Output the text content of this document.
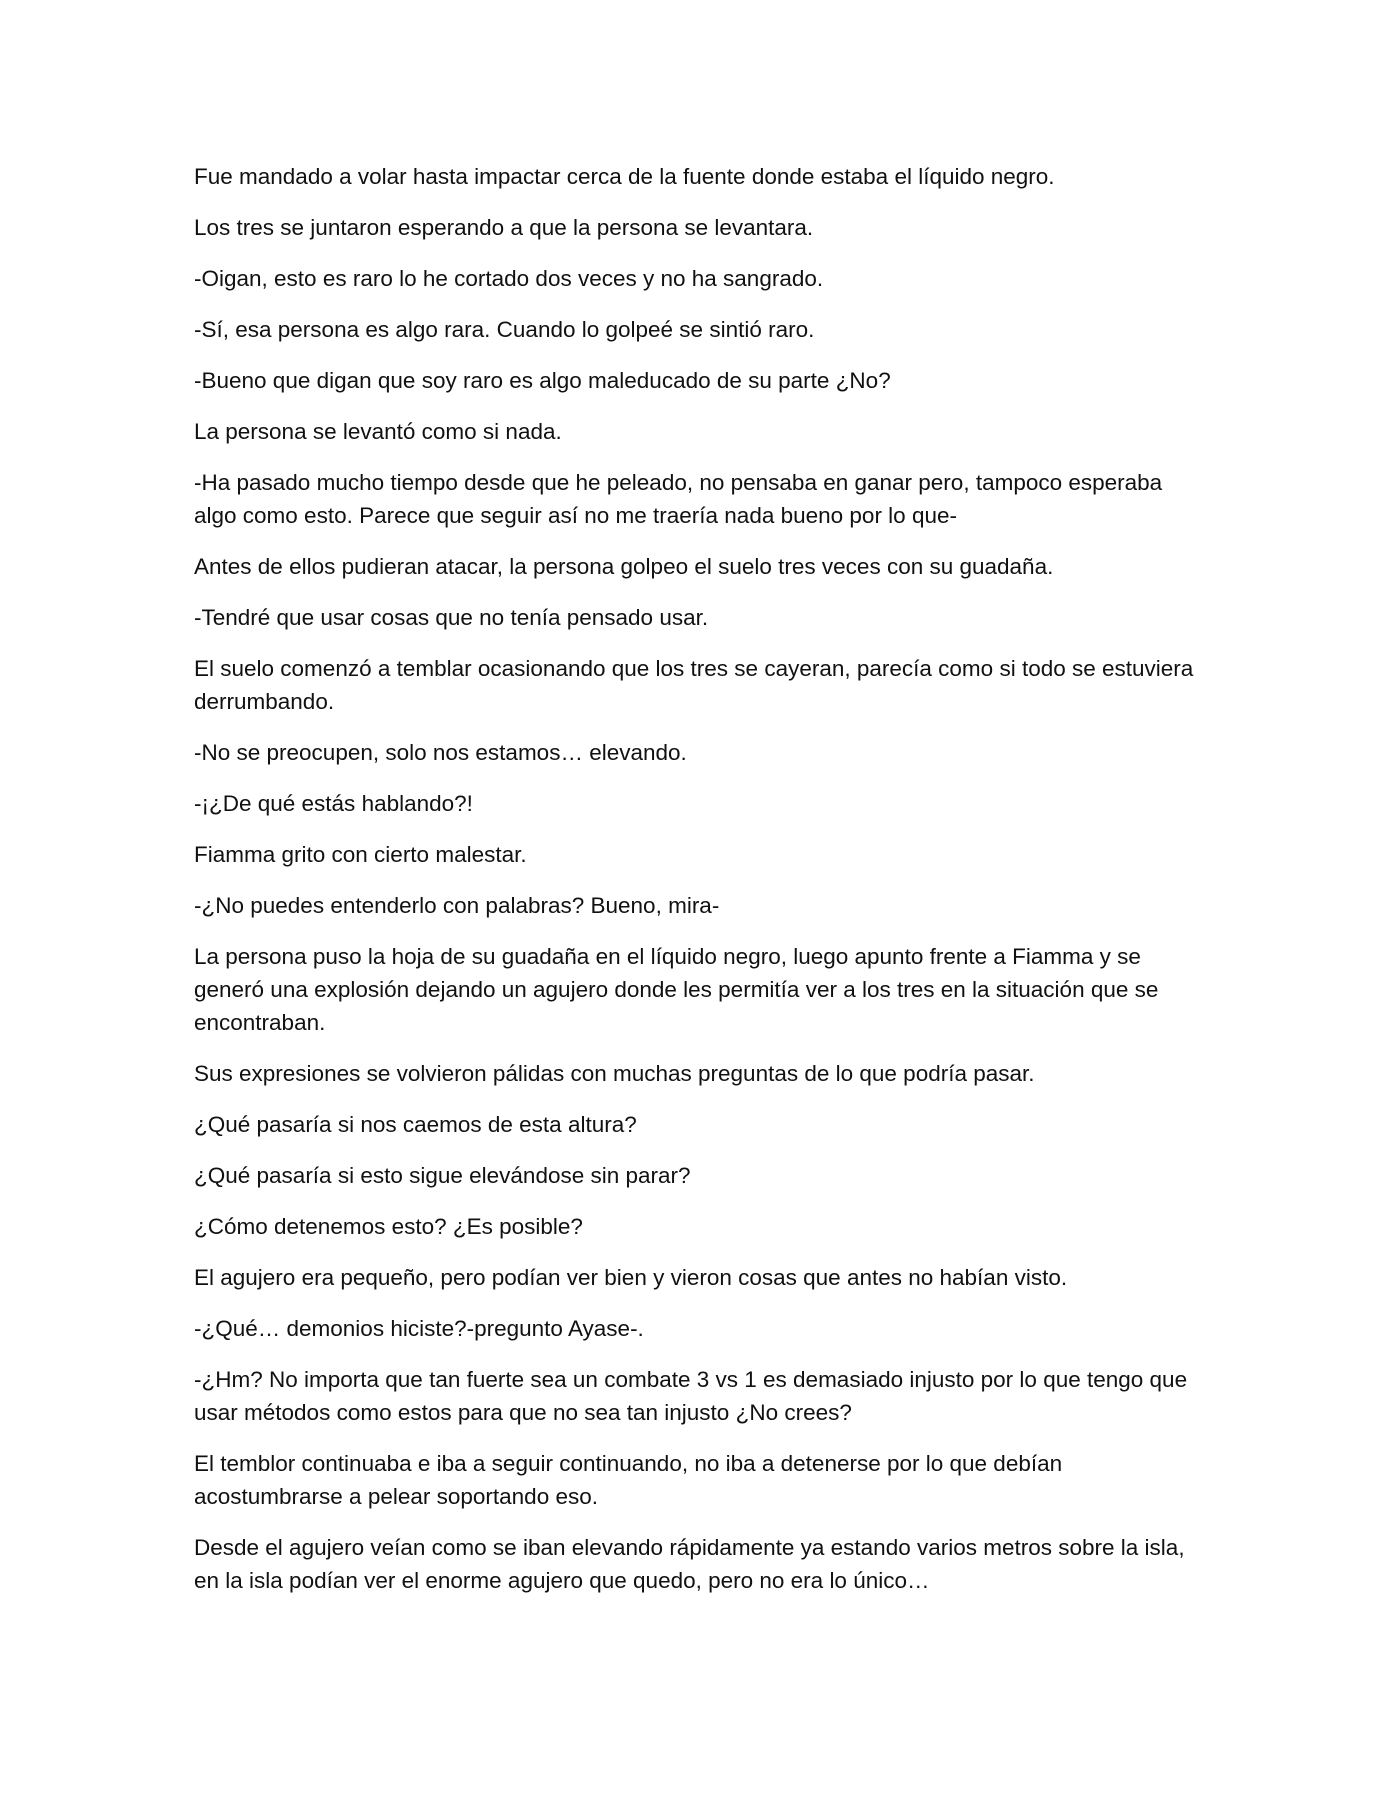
Fue mandado a volar hasta impactar cerca de la fuente donde estaba el líquido negro.

Los tres se juntaron esperando a que la persona se levantara.

-Oigan, esto es raro lo he cortado dos veces y no ha sangrado.

-Sí, esa persona es algo rara. Cuando lo golpeé se sintió raro.

-Bueno que digan que soy raro es algo maleducado de su parte ¿No?

La persona se levantó como si nada.

-Ha pasado mucho tiempo desde que he peleado, no pensaba en ganar pero, tampoco esperaba algo como esto. Parece que seguir así no me traería nada bueno por lo que-

Antes de ellos pudieran atacar, la persona golpeo el suelo tres veces con su guadaña.

-Tendré que usar cosas que no tenía pensado usar.

El suelo comenzó a temblar ocasionando que los tres se cayeran, parecía como si todo se estuviera derrumbando.

-No se preocupen, solo nos estamos… elevando.

-¡¿De qué estás hablando?!

Fiamma grito con cierto malestar.

-¿No puedes entenderlo con palabras? Bueno, mira-

La persona puso la hoja de su guadaña en el líquido negro, luego apunto frente a Fiamma y se generó una explosión dejando un agujero donde les permitía ver a los tres en la situación que se encontraban.

Sus expresiones se volvieron pálidas con muchas preguntas de lo que podría pasar.

¿Qué pasaría si nos caemos de esta altura?

¿Qué pasaría si esto sigue elevándose sin parar?

¿Cómo detenemos esto? ¿Es posible?

El agujero era pequeño, pero podían ver bien y vieron cosas que antes no habían visto.

-¿Qué… demonios hiciste?-pregunto Ayase-.

-¿Hm? No importa que tan fuerte sea un combate 3 vs 1 es demasiado injusto por lo que tengo que usar métodos como estos para que no sea tan injusto ¿No crees?

El temblor continuaba e iba a seguir continuando, no iba a detenerse por lo que debían acostumbrarse a pelear soportando eso.

Desde el agujero veían como se iban elevando rápidamente ya estando varios metros sobre la isla, en la isla podían ver el enorme agujero que quedo, pero no era lo único…
